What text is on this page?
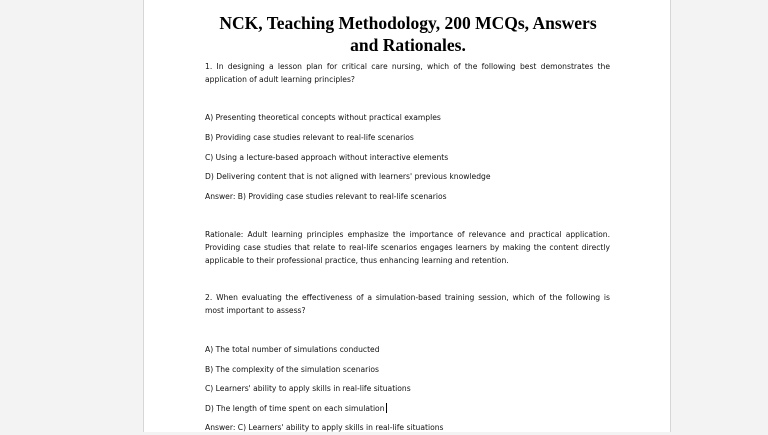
NCK, Teaching Methodology, 200 MCQs, Answers
and Rationales.
1. In designing a lesson plan for critical care nursing, which of the following best demonstrates the application of adult learning principles?
A) Presenting theoretical concepts without practical examples
B) Providing case studies relevant to real-life scenarios
C) Using a lecture-based approach without interactive elements
D) Delivering content that is not aligned with learners' previous knowledge
Answer: B) Providing case studies relevant to real-life scenarios
Rationale: Adult learning principles emphasize the importance of relevance and practical application. Providing case studies that relate to real-life scenarios engages learners by making the content directly applicable to their professional practice, thus enhancing learning and retention.
2. When evaluating the effectiveness of a simulation-based training session, which of the following is most important to assess?
A) The total number of simulations conducted
B) The complexity of the simulation scenarios
C) Learners' ability to apply skills in real-life situations
D) The length of time spent on each simulation
Answer: C) Learners' ability to apply skills in real-life situations
